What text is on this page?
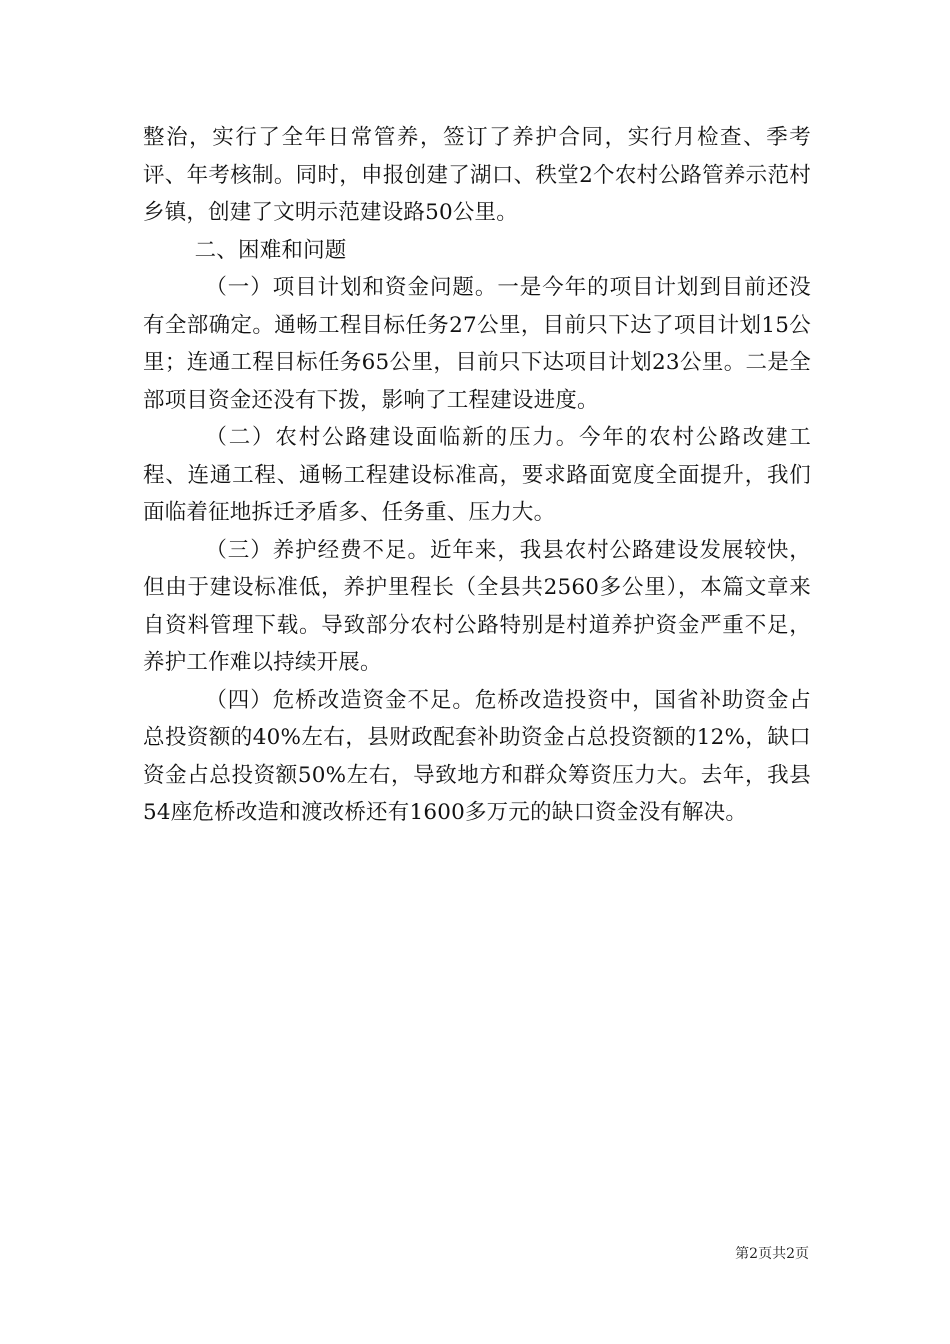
整治，实行了全年日常管养，签订了养护合同，实行月检查、季考评、年考核制。同时，申报创建了湖口、秩堂2个农村公路管养示范村乡镇，创建了文明示范建设路50公里。

二、困难和问题

（一）项目计划和资金问题。一是今年的项目计划到目前还没有全部确定。通畅工程目标任务27公里，目前只下达了项目计划15公里；连通工程目标任务65公里，目前只下达项目计划23公里。二是全部项目资金还没有下拨，影响了工程建设进度。

（二）农村公路建设面临新的压力。今年的农村公路改建工程、连通工程、通畅工程建设标准高，要求路面宽度全面提升，我们面临着征地拆迁矛盾多、任务重、压力大。

（三）养护经费不足。近年来，我县农村公路建设发展较快，但由于建设标准低，养护里程长（全县共2560多公里），本篇文章来自资料管理下载。导致部分农村公路特别是村道养护资金严重不足，养护工作难以持续开展。

（四）危桥改造资金不足。危桥改造投资中，国省补助资金占总投资额的40%左右，县财政配套补助资金占总投资额的12%，缺口资金占总投资额50%左右，导致地方和群众筹资压力大。去年，我县54座危桥改造和渡改桥还有1600多万元的缺口资金没有解决。

第2页共2页
